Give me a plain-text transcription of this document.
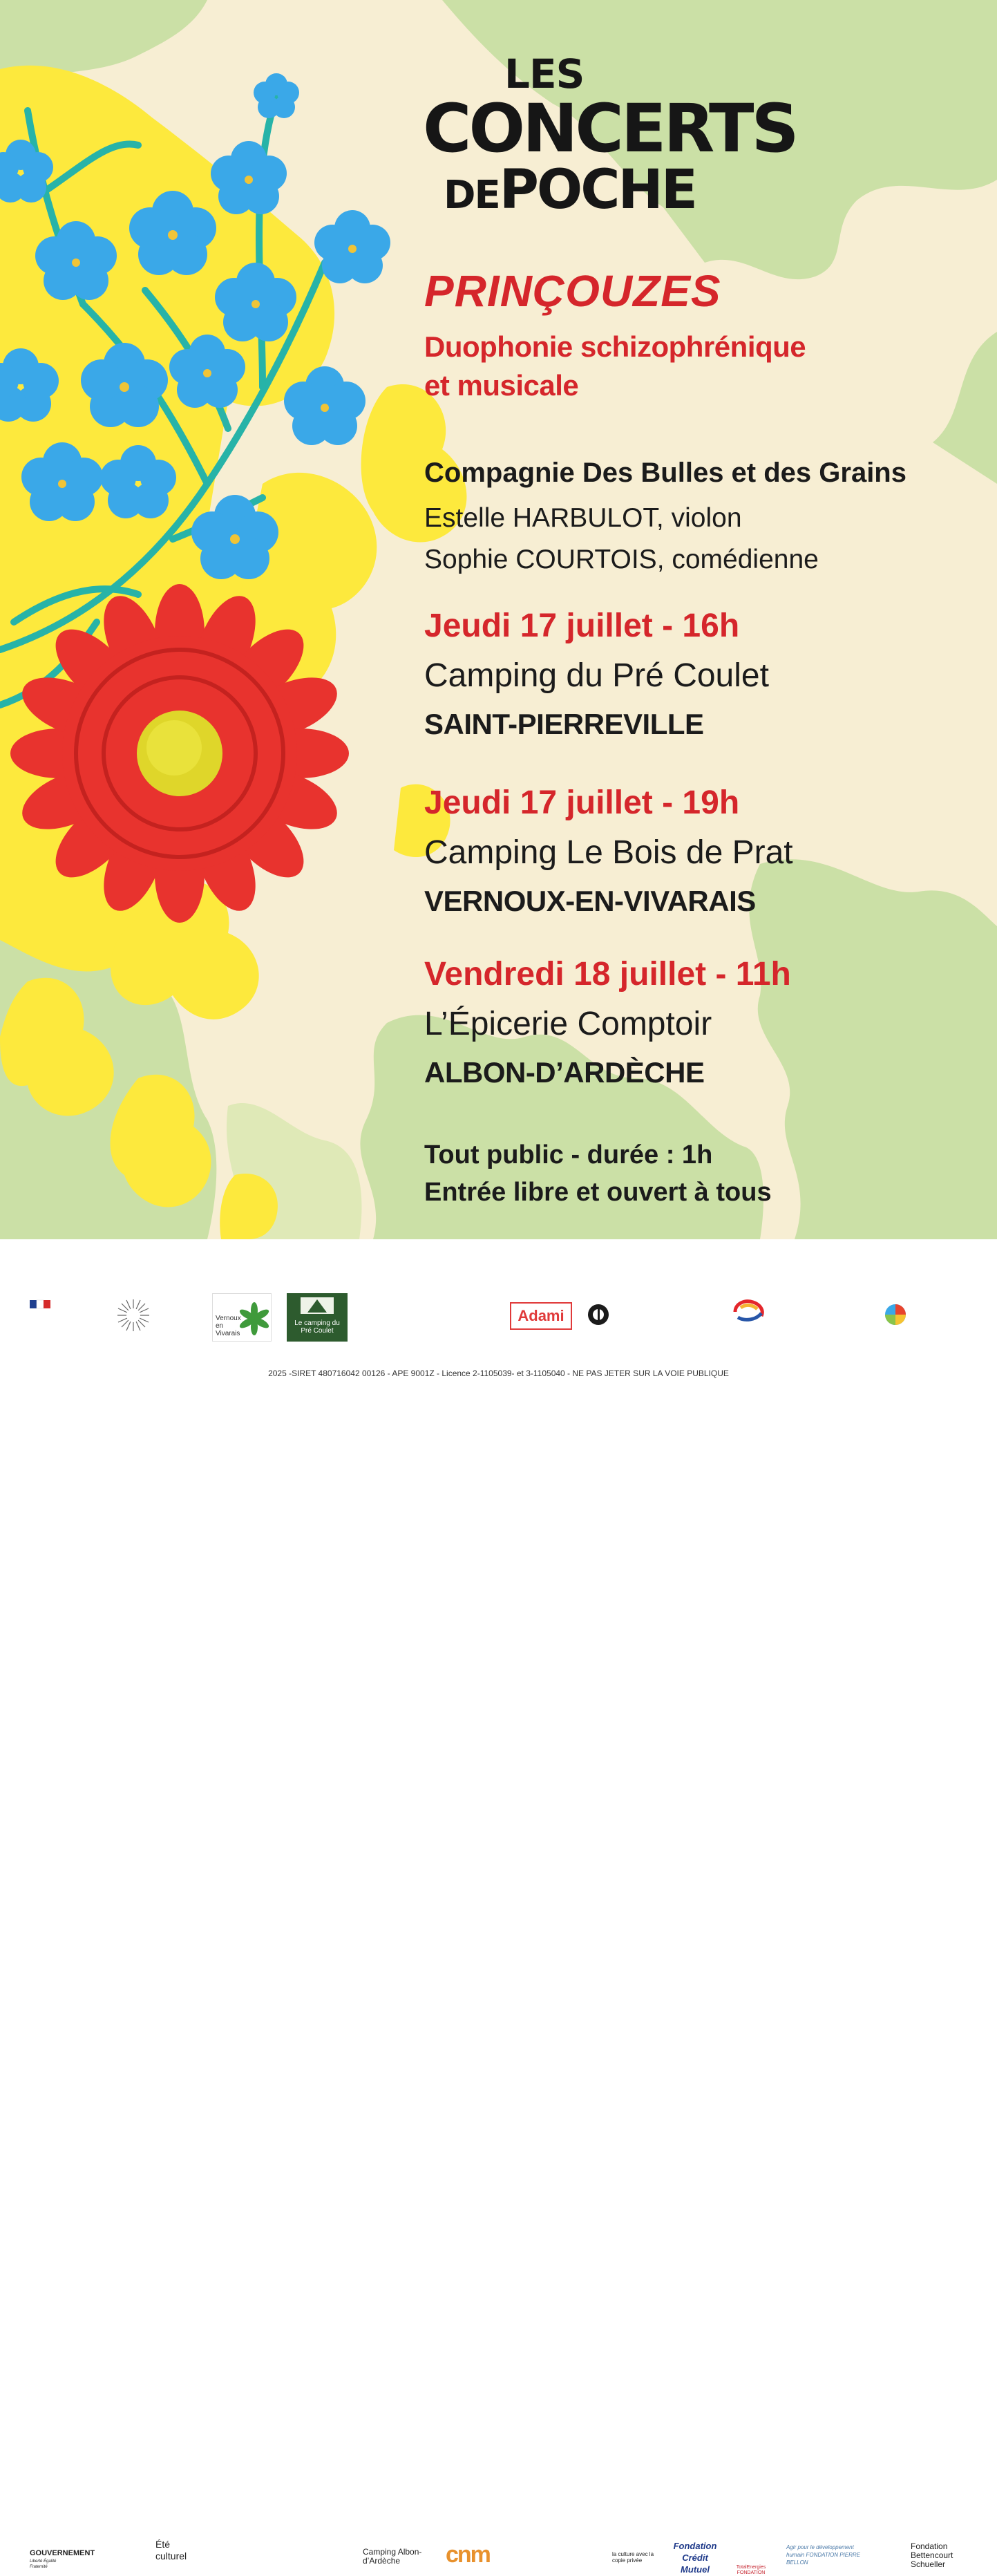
LES
CONCERTS
DEPOCHE
PRINÇOUZES
Duophonie schizophrénique
et musicale
Compagnie Des Bulles et des Grains
Estelle HARBULOT, violon
Sophie COURTOIS, comédienne
Jeudi 17 juillet - 16h
Camping du Pré Coulet
SAINT-PIERREVILLE
Jeudi 17 juillet - 19h
Camping Le Bois de Prat
VERNOUX-EN-VIVARAIS
Vendredi 18 juillet - 11h
L’Épicerie Comptoir
ALBON-D’ARDÈCHE
Tout public - durée : 1h
Entrée libre et ouvert à tous
GOUVERNEMENT
Liberté Égalité Fraternité
Été culturel
Vernoux en Vivarais
Le camping du Pré Coulet
Camping Albon-d’Ardèche	cnm
Adami
la culture avec la copie privée
Fondation Crédit Mutuel	TotalEnergies FONDATION
Agir pour le développement humain FONDATION PIERRE BELLON
Fondation Bettencourt Schueller
2025 -SIRET 480716042 00126 - APE 9001Z - Licence 2-1105039- et 3-1105040 - NE PAS JETER SUR LA VOIE PUBLIQUE
